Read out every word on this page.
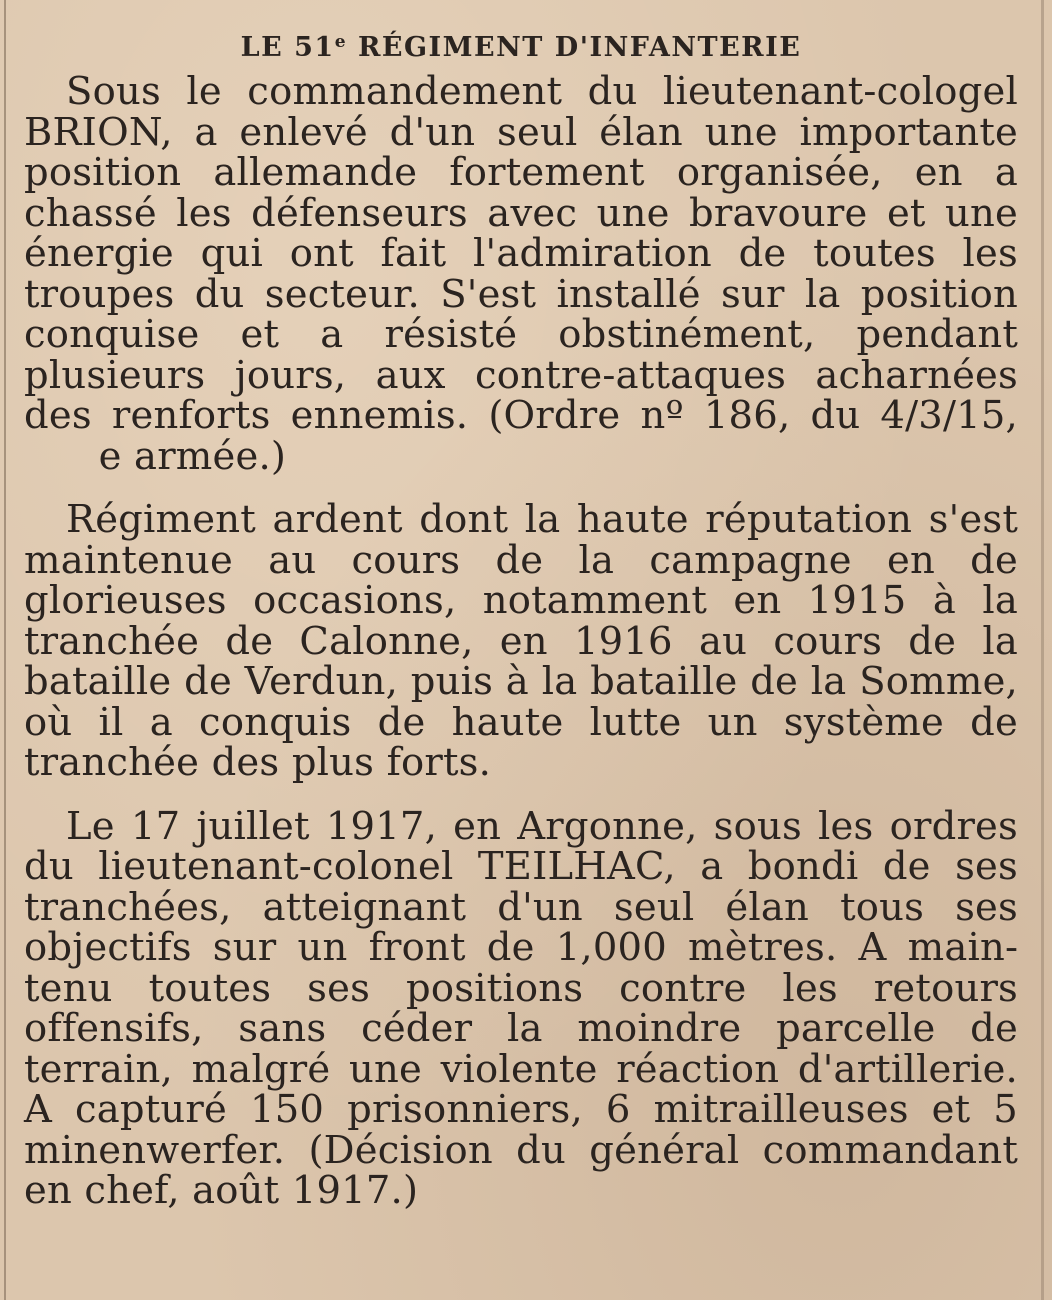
LE 51e RÉGIMENT D'INFANTERIE

Sous le commandement du lieutenant-cologel BRION, a enlevé d'un seul élan une importante position allemande fortement organisée, en a chassé les défenseurs avec une bravoure et une énergie qui ont fait l'admiration de toutes les troupes du secteur. S'est installé sur la position conquise et a résisté obstinément, pendant plusieurs jours, aux contre-attaques acharnées des renforts ennemis. (Ordre nº 186, du 4/3/15,       e armée.)

Régiment ardent dont la haute réputation s'est maintenue au cours de la campagne en de glorieuses occasions, notamment en 1915 à la tranchée de Calonne, en 1916 au cours de la bataille de Verdun, puis à la bataille de la Somme, où il a conquis de haute lutte un système de tranchée des plus forts.

Le 17 juillet 1917, en Argonne, sous les ordres du lieutenant-colonel TEILHAC, a bondi de ses tranchées, atteignant d'un seul élan tous ses objectifs sur un front de 1,000 mètres. A maintenu toutes ses positions contre les retours offensifs, sans céder la moindre parcelle de terrain, malgré une violente réaction d'artillerie. A capturé 150 prisonniers, 6 mitrailleuses et 5 minenwerfer. (Décision du général commandant en chef, août 1917.)
